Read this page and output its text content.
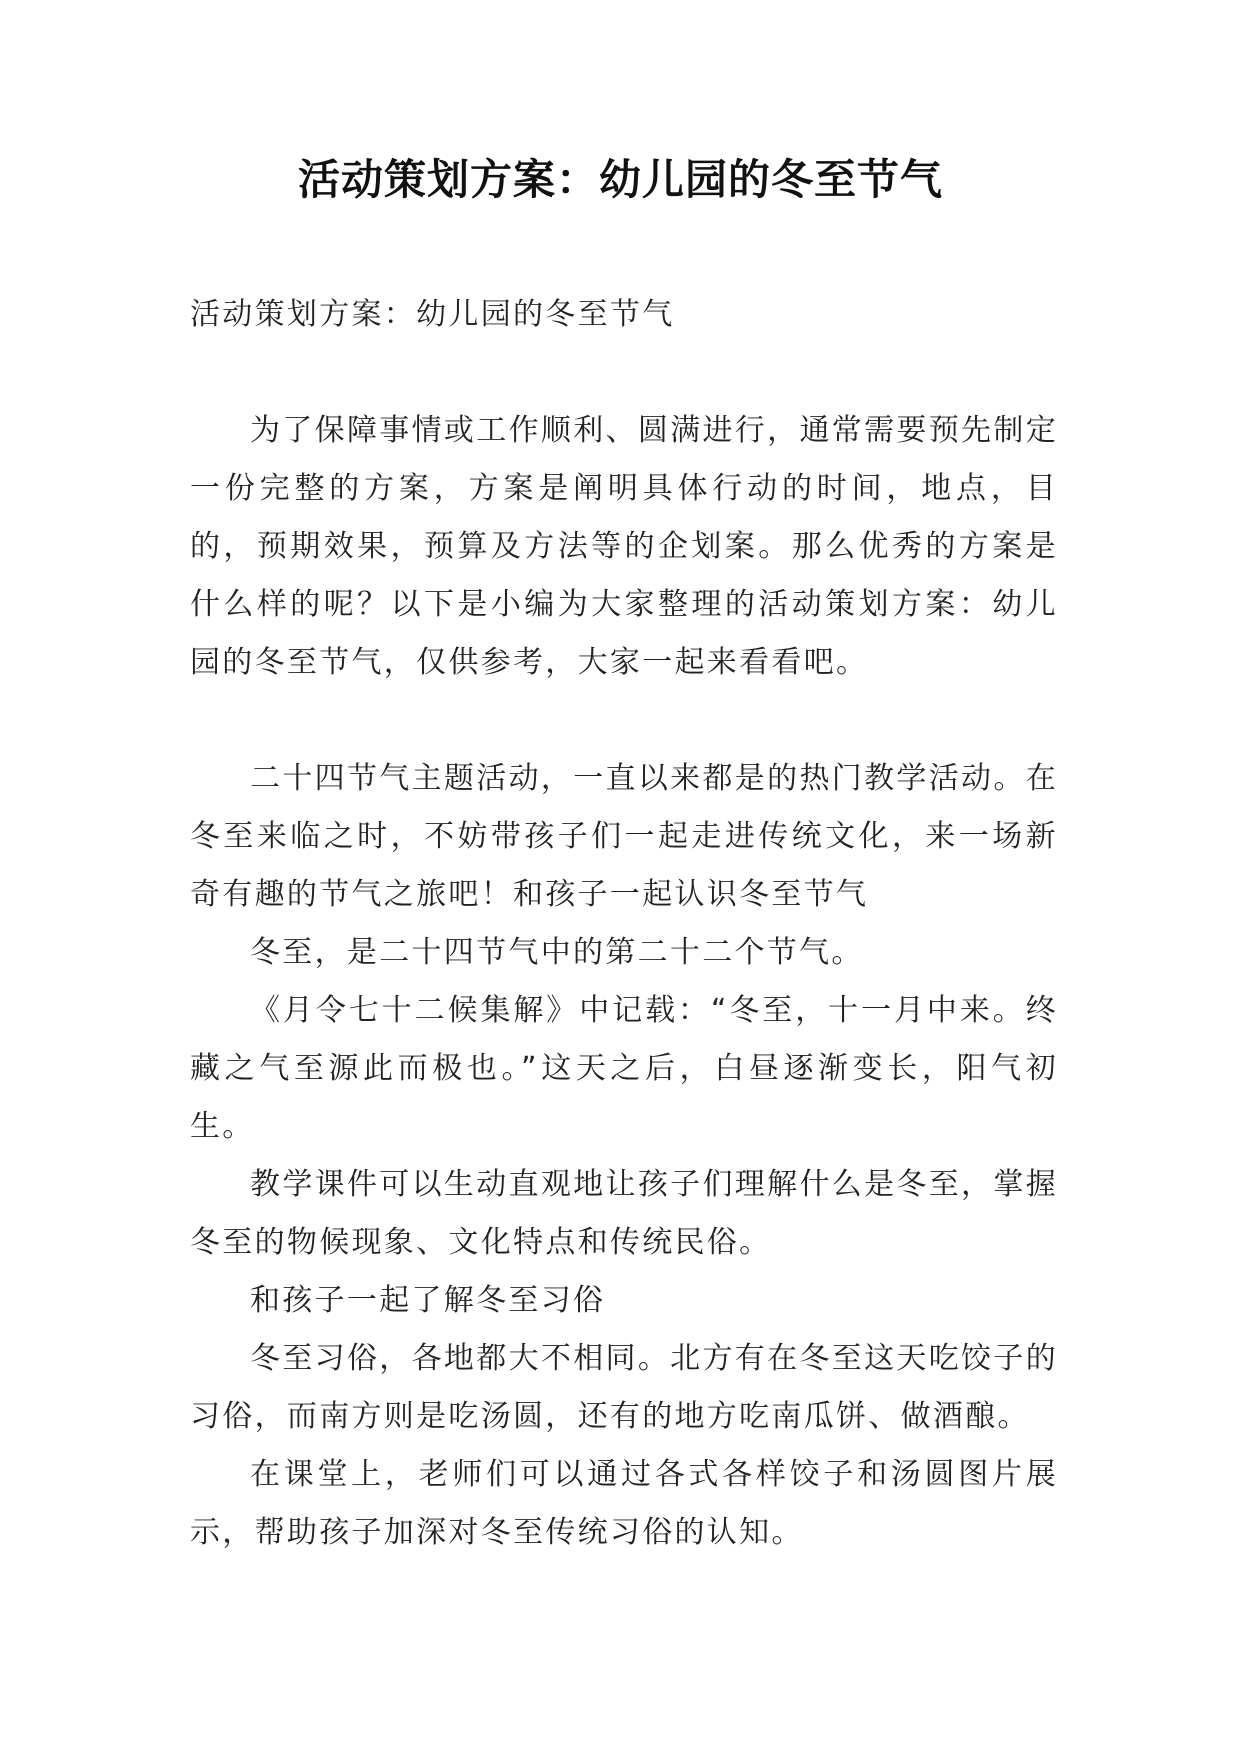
活动策划方案：幼儿园的冬至节气

活动策划方案：幼儿园的冬至节气

为了保障事情或工作顺利、圆满进行，通常需要预先制定一份完整的方案，方案是阐明具体行动的时间，地点，目的，预期效果，预算及方法等的企划案。那么优秀的方案是什么样的呢？以下是小编为大家整理的活动策划方案：幼儿园的冬至节气，仅供参考，大家一起来看看吧。

二十四节气主题活动，一直以来都是的热门教学活动。在冬至来临之时，不妨带孩子们一起走进传统文化，来一场新奇有趣的节气之旅吧！和孩子一起认识冬至节气

冬至，是二十四节气中的第二十二个节气。

《月令七十二候集解》中记载：“冬至，十一月中来。终藏之气至源此而极也。”这天之后，白昼逐渐变长，阳气初生。

教学课件可以生动直观地让孩子们理解什么是冬至，掌握冬至的物候现象、文化特点和传统民俗。

和孩子一起了解冬至习俗

冬至习俗，各地都大不相同。北方有在冬至这天吃饺子的习俗，而南方则是吃汤圆，还有的地方吃南瓜饼、做酒酿。

在课堂上，老师们可以通过各式各样饺子和汤圆图片展示，帮助孩子加深对冬至传统习俗的认知。
